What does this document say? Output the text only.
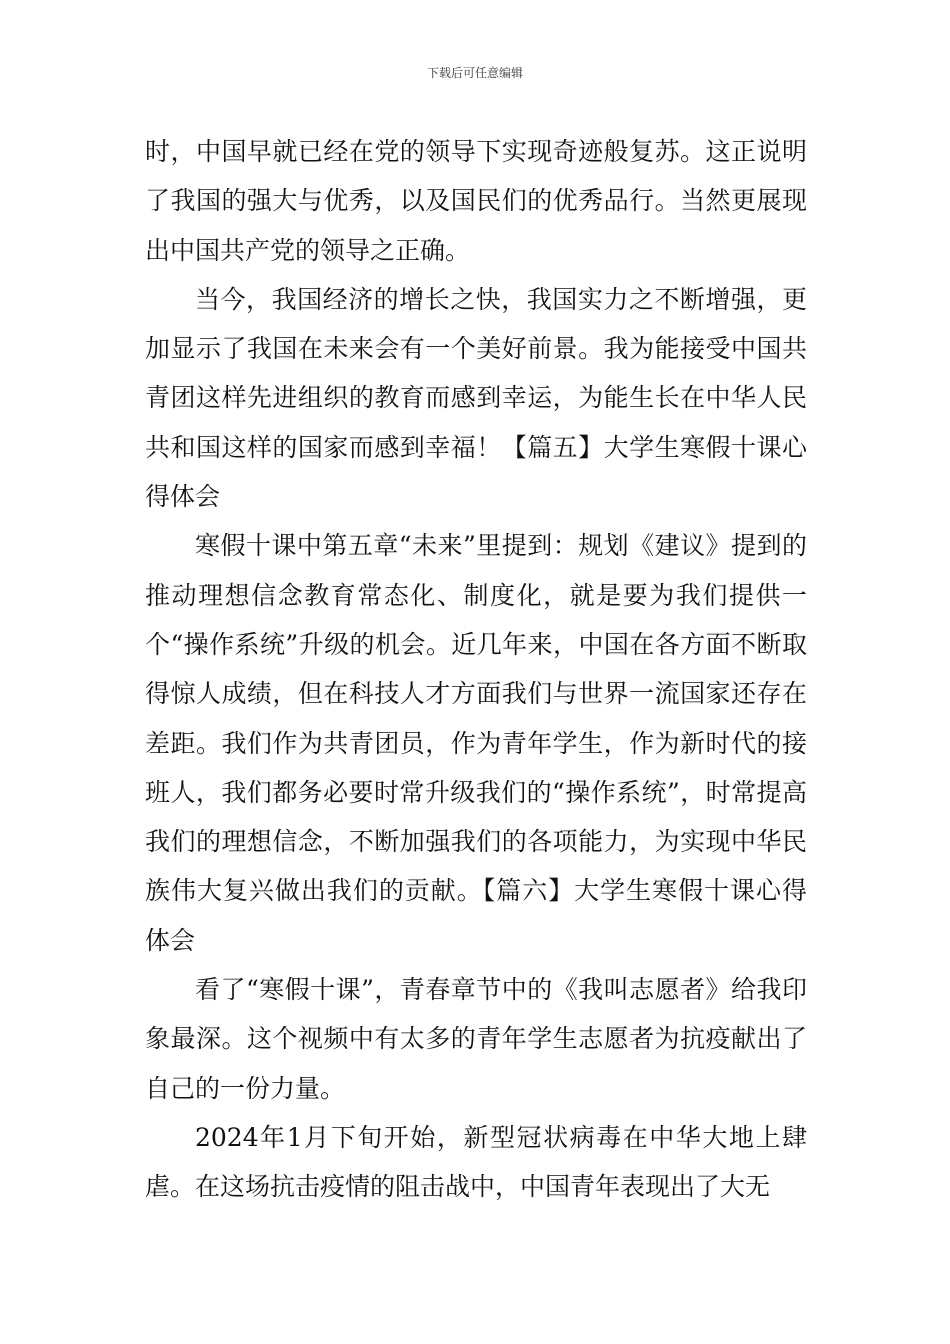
下载后可任意编辑

时，中国早就已经在党的领导下实现奇迹般复苏。这正说明了我国的强大与优秀，以及国民们的优秀品行。当然更展现出中国共产党的领导之正确。

当今，我国经济的增长之快，我国实力之不断增强，更加显示了我国在未来会有一个美好前景。我为能接受中国共青团这样先进组织的教育而感到幸运，为能生长在中华人民共和国这样的国家而感到幸福！【篇五】大学生寒假十课心得体会

寒假十课中第五章“未来”里提到：规划《建议》提到的推动理想信念教育常态化、制度化，就是要为我们提供一个“操作系统”升级的机会。近几年来，中国在各方面不断取得惊人成绩，但在科技人才方面我们与世界一流国家还存在差距。我们作为共青团员，作为青年学生，作为新时代的接班人，我们都务必要时常升级我们的“操作系统”，时常提高我们的理想信念，不断加强我们的各项能力，为实现中华民族伟大复兴做出我们的贡献。【篇六】大学生寒假十课心得体会

看了“寒假十课”，青春章节中的《我叫志愿者》给我印象最深。这个视频中有太多的青年学生志愿者为抗疫献出了自己的一份力量。

2024年1月下旬开始，新型冠状病毒在中华大地上肆虐。在这场抗击疫情的阻击战中，中国青年表现出了大无
